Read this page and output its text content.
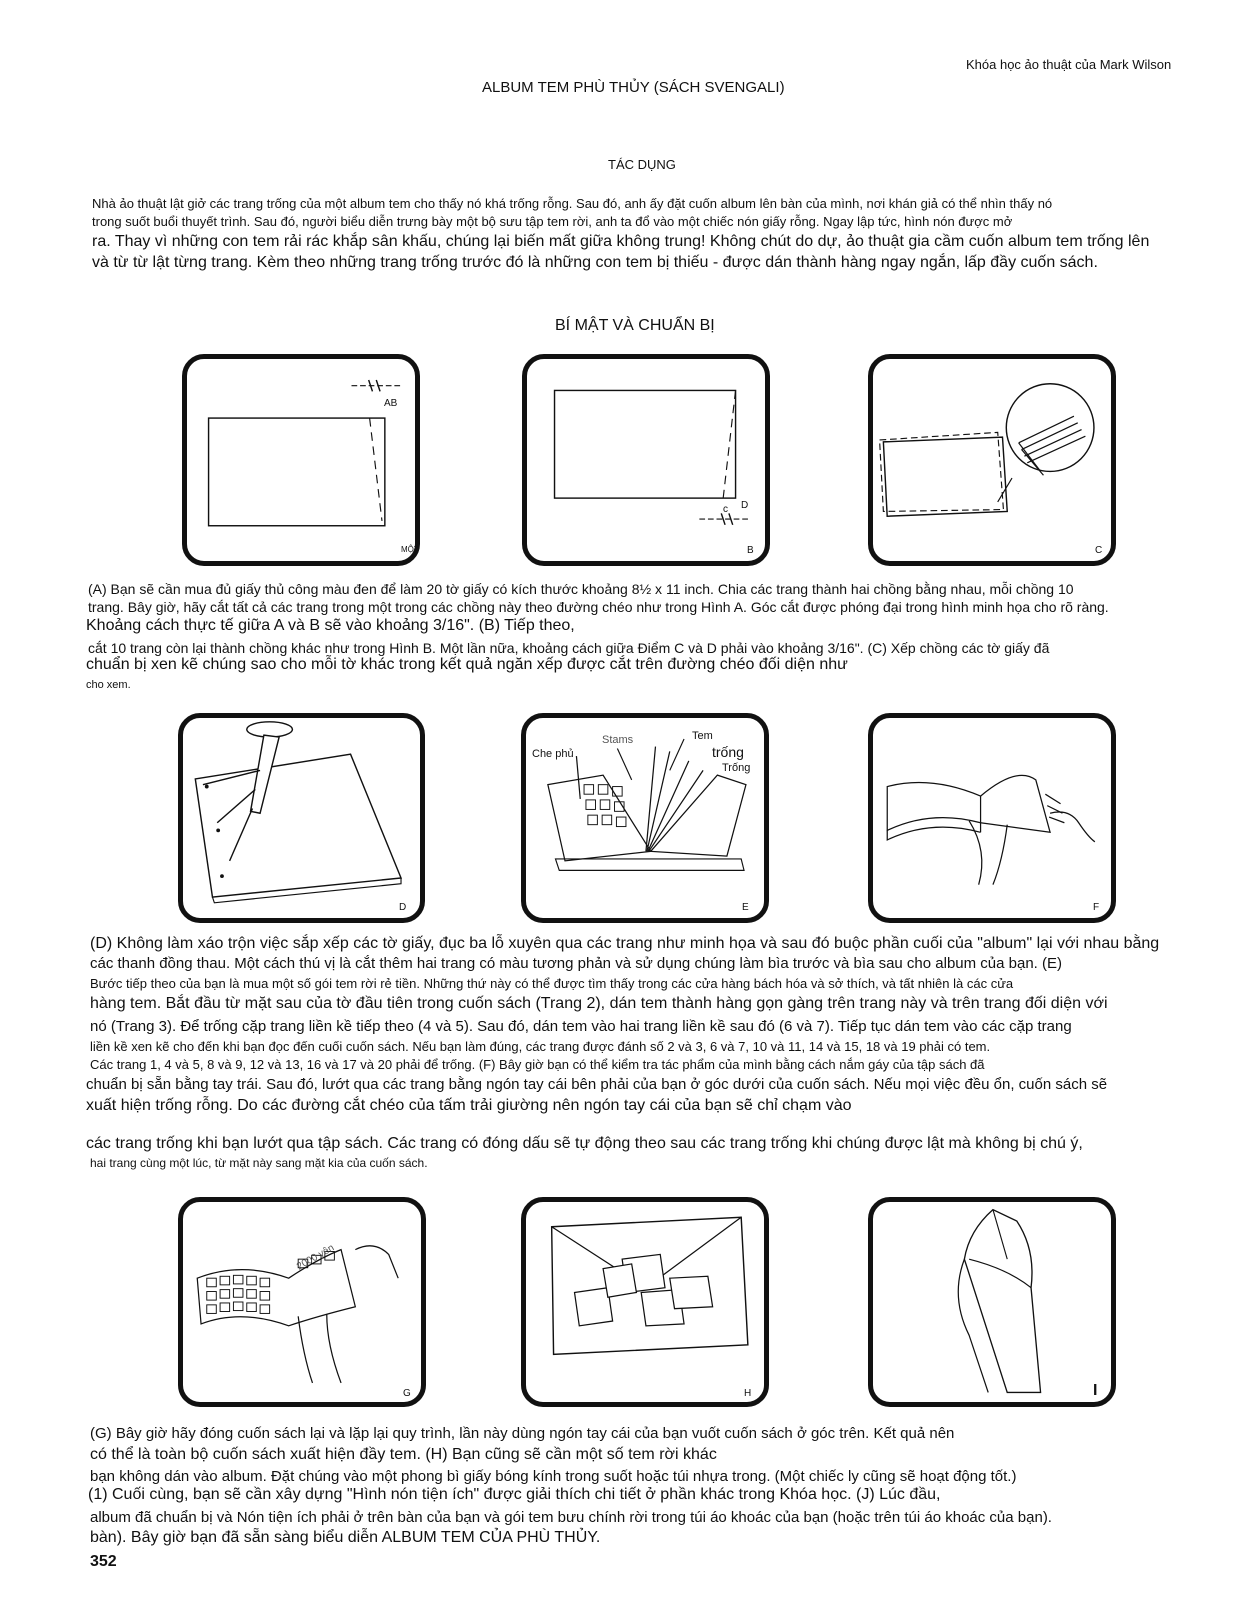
Khóa học ảo thuật của Mark Wilson
ALBUM TEM PHÙ THỦY (SÁCH SVENGALI)
TÁC DỤNG
Nhà ảo thuật lật giở các trang trống của một album tem cho thấy nó khá trống rỗng. Sau đó, anh ấy đặt cuốn album lên bàn của mình, nơi khán giả có thể nhìn thấy nó
trong suốt buổi thuyết trình. Sau đó, người biểu diễn trưng bày một bộ sưu tập tem rời, anh ta đổ vào một chiếc nón giấy rỗng. Ngay lập tức, hình nón được mở
ra. Thay vì những con tem rải rác khắp sân khấu, chúng lại biến mất giữa không trung! Không chút do dự, ảo thuật gia cầm cuốn album tem trống lên
và từ từ lật từng trang. Kèm theo những trang trống trước đó là những con tem bị thiếu - được dán thành hàng ngay ngắn, lấp đầy cuốn sách.
BÍ MẬT VÀ CHUẨN BỊ
AB
MỘT
c D
B	C
(A) Bạn sẽ cần mua đủ giấy thủ công màu đen để làm 20 tờ giấy có kích thước khoảng 8½ x 11 inch. Chia các trang thành hai chồng bằng nhau, mỗi chồng 10
trang. Bây giờ, hãy cắt tất cả các trang trong một trong các chồng này theo đường chéo như trong Hình A. Góc cắt được phóng đại trong hình minh họa cho rõ ràng.
Khoảng cách thực tế giữa A và B sẽ vào khoảng 3/16". (B) Tiếp theo,
cắt 10 trang còn lại thành chồng khác như trong Hình B. Một lần nữa, khoảng cách giữa Điểm C và D phải vào khoảng 3/16". (C) Xếp chồng các tờ giấy đã
chuẩn bị xen kẽ chúng sao cho mỗi tờ khác trong kết quả ngăn xếp được cắt trên đường chéo đối diện như
cho xem.
D
Che phủ
Stams	Tem
trống
Trống
E	F
(D) Không làm xáo trộn việc sắp xếp các tờ giấy, đục ba lỗ xuyên qua các trang như minh họa và sau đó buộc phần cuối của "album" lại với nhau bằng
các thanh đồng thau. Một cách thú vị là cắt thêm hai trang có màu tương phản và sử dụng chúng làm bìa trước và bìa sau cho album của bạn. (E)
Bước tiếp theo của bạn là mua một số gói tem rời rẻ tiền. Những thứ này có thể được tìm thấy trong các cửa hàng bách hóa và sở thích, và tất nhiên là các cửa
hàng tem. Bắt đầu từ mặt sau của tờ đầu tiên trong cuốn sách (Trang 2), dán tem thành hàng gọn gàng trên trang này và trên trang đối diện với
nó (Trang 3). Để trống cặp trang liền kề tiếp theo (4 và 5). Sau đó, dán tem vào hai trang liền kề sau đó (6 và 7). Tiếp tục dán tem vào các cặp trang
liền kề xen kẽ cho đến khi bạn đọc đến cuối cuốn sách. Nếu bạn làm đúng, các trang được đánh số 2 và 3, 6 và 7, 10 và 11, 14 và 15, 18 và 19 phải có tem.
Các trang 1, 4 và 5, 8 và 9, 12 và 13, 16 và 17 và 20 phải để trống. (F) Bây giờ bạn có thể kiểm tra tác phẩm của mình bằng cách nắm gáy của tập sách đã
chuẩn bị sẵn bằng tay trái. Sau đó, lướt qua các trang bằng ngón tay cái bên phải của bạn ở góc dưới của cuốn sách. Nếu mọi việc đều ổn, cuốn sách sẽ
xuất hiện trống rỗng. Do các đường cắt chéo của tấm trải giường nên ngón tay cái của bạn sẽ chỉ chạm vào
các trang trống khi bạn lướt qua tập sách. Các trang có đóng dấu sẽ tự động theo sau các trang trống khi chúng được lật mà không bị chú ý,
hai trang cùng một lúc, từ mặt này sang mặt kia của cuốn sách.
2000 yên
G	H	I
(G) Bây giờ hãy đóng cuốn sách lại và lặp lại quy trình, lần này dùng ngón tay cái của bạn vuốt cuốn sách ở góc trên. Kết quả nên
có thể là toàn bộ cuốn sách xuất hiện đầy tem. (H) Bạn cũng sẽ cần một số tem rời khác
bạn không dán vào album. Đặt chúng vào một phong bì giấy bóng kính trong suốt hoặc túi nhựa trong. (Một chiếc ly cũng sẽ hoạt động tốt.)
(1) Cuối cùng, bạn sẽ cần xây dựng "Hình nón tiện ích" được giải thích chi tiết ở phần khác trong Khóa học. (J) Lúc đầu,
album đã chuẩn bị và Nón tiện ích phải ở trên bàn của bạn và gói tem bưu chính rời trong túi áo khoác của bạn (hoặc trên túi áo khoác của bạn).
bàn). Bây giờ bạn đã sẵn sàng biểu diễn ALBUM TEM CỦA PHÙ THỦY.
352
